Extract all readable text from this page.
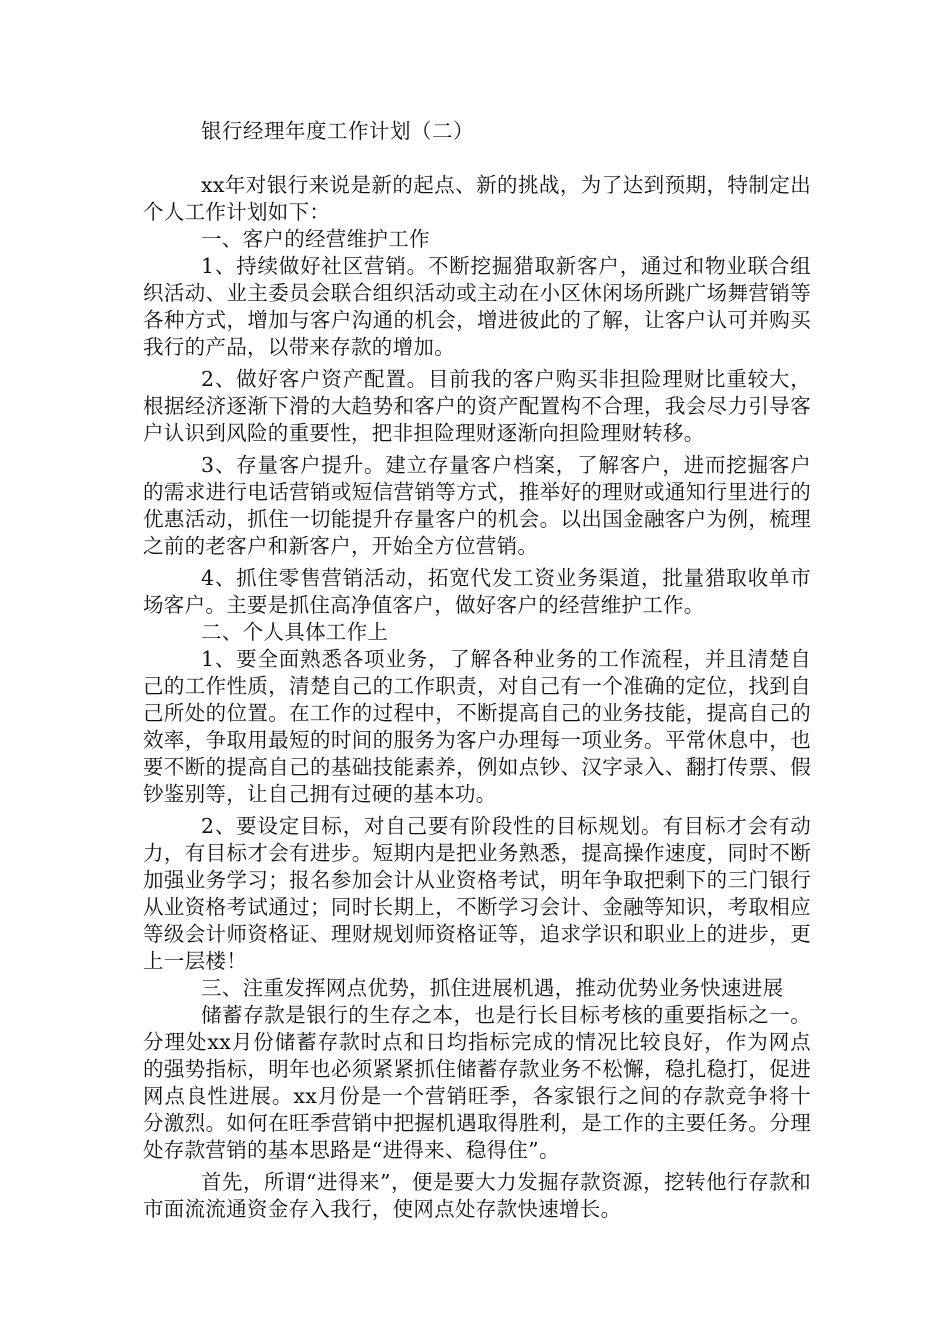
银行经理年度工作计划（二）

xx年对银行来说是新的起点、新的挑战，为了达到预期，特制定出个人工作计划如下：

一、客户的经营维护工作

1、持续做好社区营销。不断挖掘猎取新客户，通过和物业联合组织活动、业主委员会联合组织活动或主动在小区休闲场所跳广场舞营销等各种方式，增加与客户沟通的机会，增进彼此的了解，让客户认可并购买我行的产品，以带来存款的增加。

2、做好客户资产配置。目前我的客户购买非担险理财比重较大，根据经济逐渐下滑的大趋势和客户的资产配置构不合理，我会尽力引导客户认识到风险的重要性，把非担险理财逐渐向担险理财转移。

3、存量客户提升。建立存量客户档案，了解客户，进而挖掘客户的需求进行电话营销或短信营销等方式，推举好的理财或通知行里进行的优惠活动，抓住一切能提升存量客户的机会。以出国金融客户为例，梳理之前的老客户和新客户，开始全方位营销。

4、抓住零售营销活动，拓宽代发工资业务渠道，批量猎取收单市场客户。主要是抓住高净值客户，做好客户的经营维护工作。

二、个人具体工作上

1、要全面熟悉各项业务，了解各种业务的工作流程，并且清楚自己的工作性质，清楚自己的工作职责，对自己有一个准确的定位，找到自己所处的位置。在工作的过程中，不断提高自己的业务技能，提高自己的效率，争取用最短的时间的服务为客户办理每一项业务。平常休息中，也要不断的提高自己的基础技能素养，例如点钞、汉字录入、翻打传票、假钞鉴别等，让自己拥有过硬的基本功。

2、要设定目标，对自己要有阶段性的目标规划。有目标才会有动力，有目标才会有进步。短期内是把业务熟悉，提高操作速度，同时不断加强业务学习；报名参加会计从业资格考试，明年争取把剩下的三门银行从业资格考试通过；同时长期上，不断学习会计、金融等知识，考取相应等级会计师资格证、理财规划师资格证等，追求学识和职业上的进步，更上一层楼！

三、注重发挥网点优势，抓住进展机遇，推动优势业务快速进展

储蓄存款是银行的生存之本，也是行长目标考核的重要指标之一。分理处xx月份储蓄存款时点和日均指标完成的情况比较良好，作为网点的强势指标，明年也必须紧紧抓住储蓄存款业务不松懈，稳扎稳打，促进网点良性进展。xx月份是一个营销旺季，各家银行之间的存款竞争将十分激烈。如何在旺季营销中把握机遇取得胜利，是工作的主要任务。分理处存款营销的基本思路是“进得来、稳得住”。

首先，所谓“进得来”，便是要大力发掘存款资源，挖转他行存款和市面流流通资金存入我行，使网点处存款快速增长。
